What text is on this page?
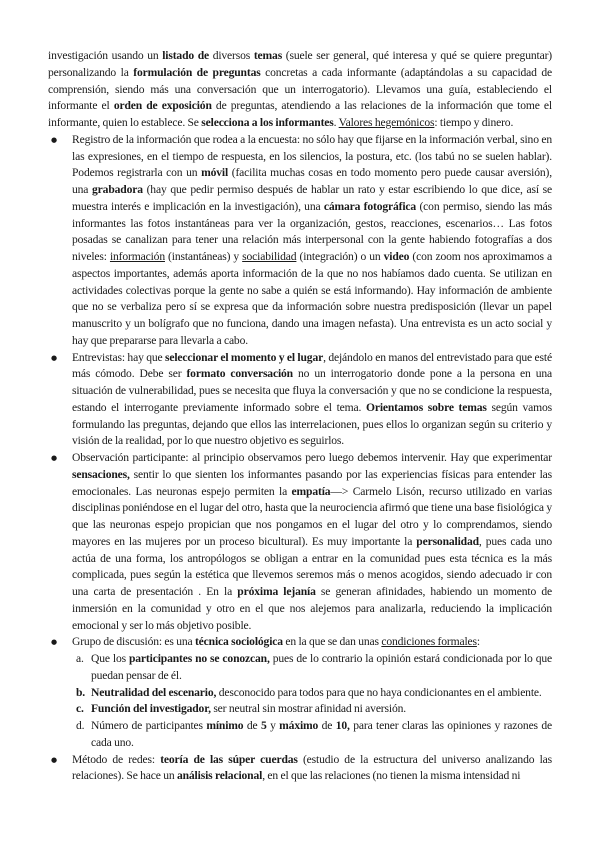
investigación usando un listado de diversos temas (suele ser general, qué interesa y qué se quiere preguntar) personalizando la formulación de preguntas concretas a cada informante (adaptándolas a su capacidad de comprensión, siendo más una conversación que un interrogatorio). Llevamos una guía, estableciendo el informante el orden de exposición de preguntas, atendiendo a las relaciones de la información que tome el informante, quien lo establece. Se selecciona a los informantes. Valores hegemónicos: tiempo y dinero.

● Registro de la información que rodea a la encuesta: no sólo hay que fijarse en la información verbal, sino en las expresiones, en el tiempo de respuesta, en los silencios, la postura, etc. (los tabú no se suelen hablar). Podemos registrarla con un móvil (facilita muchas cosas en todo momento pero puede causar aversión), una grabadora (hay que pedir permiso después de hablar un rato y estar escribiendo lo que dice, así se muestra interés e implicación en la investigación), una cámara fotográfica (con permiso, siendo las más informantes las fotos instantáneas para ver la organización, gestos, reacciones, escenarios… Las fotos posadas se canalizan para tener una relación más interpersonal con la gente habiendo fotografías a dos niveles: información (instantáneas) y sociabilidad (integración) o un video (con zoom nos aproximamos a aspectos importantes, además aporta información de la que no nos habíamos dado cuenta. Se utilizan en actividades colectivas porque la gente no sabe a quién se está informando). Hay información de ambiente que no se verbaliza pero sí se expresa que da información sobre nuestra predisposición (llevar un papel manuscrito y un bolígrafo que no funciona, dando una imagen nefasta). Una entrevista es un acto social y hay que prepararse para llevarla a cabo.
● Entrevistas: hay que seleccionar el momento y el lugar, dejándolo en manos del entrevistado para que esté más cómodo. Debe ser formato conversación no un interrogatorio donde pone a la persona en una situación de vulnerabilidad, pues se necesita que fluya la conversación y que no se condicione la respuesta, estando el interrogante previamente informado sobre el tema. Orientamos sobre temas según vamos formulando las preguntas, dejando que ellos las interrelacionen, pues ellos lo organizan según su criterio y visión de la realidad, por lo que nuestro objetivo es seguirlos.
● Observación participante: al principio observamos pero luego debemos intervenir. Hay que experimentar sensaciones, sentir lo que sienten los informantes pasando por las experiencias físicas para entender las emocionales. Las neuronas espejo permiten la empatía—> Carmelo Lisón, recurso utilizado en varias disciplinas poniéndose en el lugar del otro, hasta que la neurociencia afirmó que tiene una base fisiológica y que las neuronas espejo propician que nos pongamos en el lugar del otro y lo comprendamos, siendo mayores en las mujeres por un proceso bicultural). Es muy importante la personalidad, pues cada uno actúa de una forma, los antropólogos se obligan a entrar en la comunidad pues esta técnica es la más complicada, pues según la estética que llevemos seremos más o menos acogidos, siendo adecuado ir con una carta de presentación . En la próxima lejanía se generan afinidades, habiendo un momento de inmersión en la comunidad y otro en el que nos alejemos para analizarla, reduciendo la implicación emocional y ser lo más objetivo posible.
● Grupo de discusión: es una técnica sociológica en la que se dan unas condiciones formales:
a. Que los participantes no se conozcan, pues de lo contrario la opinión estará condicionada por lo que puedan pensar de él.
b. Neutralidad del escenario, desconocido para todos para que no haya condicionantes en el ambiente.
c. Función del investigador, ser neutral sin mostrar afinidad ni aversión.
d. Número de participantes mínimo de 5 y máximo de 10, para tener claras las opiniones y razones de cada uno.
● Método de redes: teoría de las súper cuerdas (estudio de la estructura del universo analizando las relaciones). Se hace un análisis relacional, en el que las relaciones (no tienen la misma intensidad ni
